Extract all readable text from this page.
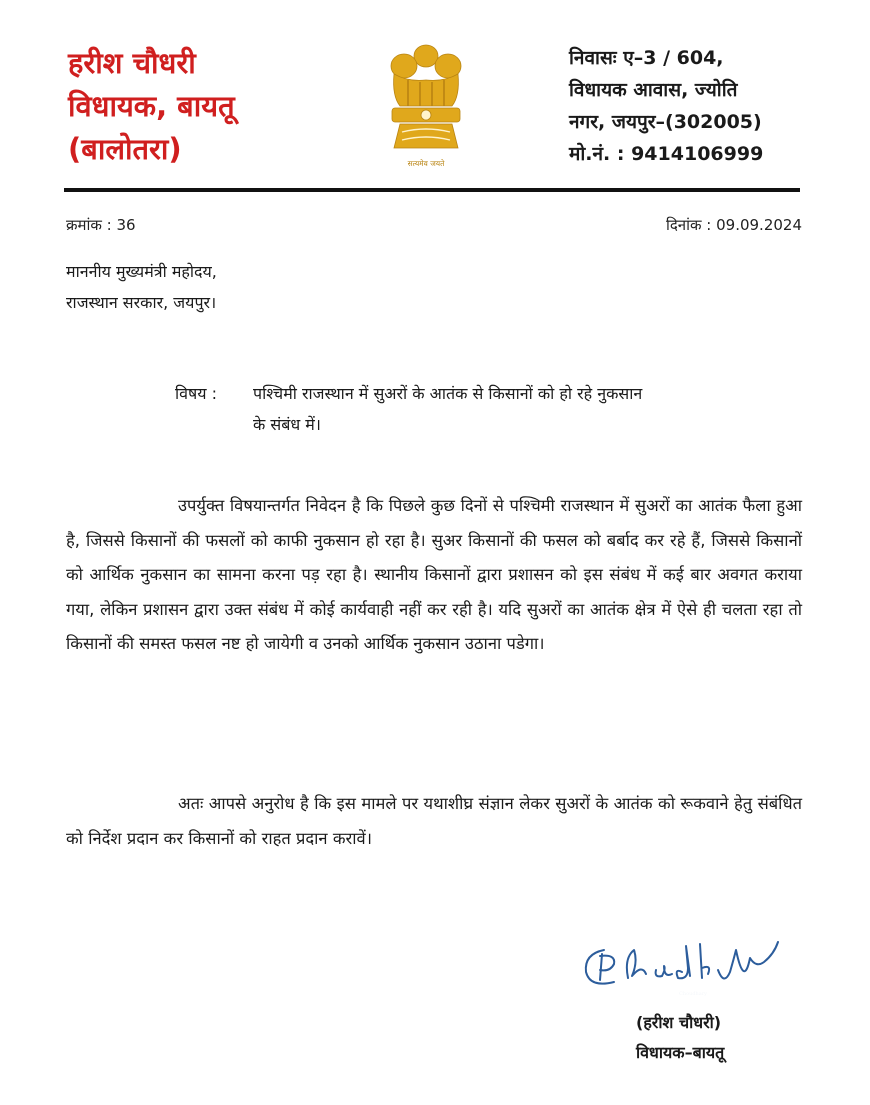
हरीश चौधरी
विधायक, बायतू
(बालोतरा)	सत्यमेव जयते
निवासः ए–3 / 604,
विधायक आवास, ज्योति
नगर, जयपुर–(302005)
मो.नं. : 9414106999
क्रमांक : 36	दिनांक : 09.09.2024
माननीय मुख्यमंत्री महोदय,
राजस्थान सरकार, जयपुर।
विषय : पश्चिमी राजस्थान में सुअरों के आतंक से किसानों को हो रहे नुकसान
के संबंध में।
उपर्युक्त विषयान्तर्गत निवेदन है कि पिछले कुछ दिनों से पश्चिमी राजस्थान में सुअरों का आतंक फैला हुआ है, जिससे किसानों की फसलों को काफी नुकसान हो रहा है। सुअर किसानों की फसल को बर्बाद कर रहे हैं, जिससे किसानों को आर्थिक नुकसान का सामना करना पड़ रहा है। स्थानीय किसानों द्वारा प्रशासन को इस संबंध में कई बार अवगत कराया गया, लेकिन प्रशासन द्वारा उक्त संबंध में कोई कार्यवाही नहीं कर रही है। यदि सुअरों का आतंक क्षेत्र में ऐसे ही चलता रहा तो किसानों की समस्त फसल नष्ट हो जायेगी व उनको आर्थिक नुकसान उठाना पडेगा।
अतः आपसे अनुरोध है कि इस मामले पर यथाशीघ्र संज्ञान लेकर सुअरों के आतंक को रूकवाने हेतु संबंधित को निर्देश प्रदान कर किसानों को राहत प्रदान करावें।
Choudhary
(हरीश चौधरी)
विधायक–बायतू
